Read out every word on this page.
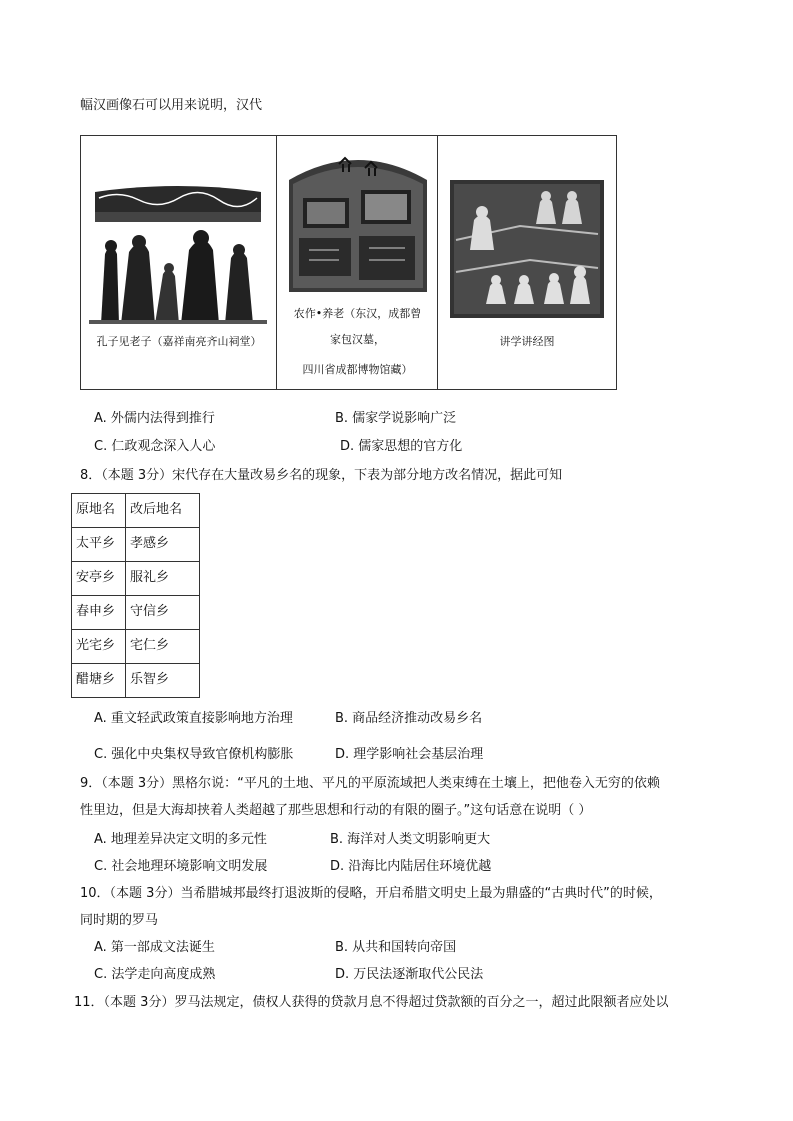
幅汉画像石可以用来说明，汉代
孔子见老子（嘉祥南亮齐山祠堂）
农作•养老（东汉，成都曾
家包汉墓，
四川省成都博物馆藏）
讲学讲经图
A. 外儒内法得到推行	B. 儒家学说影响广泛
C. 仁政观念深入人心	D. 儒家思想的官方化
8．（本题 3分）宋代存在大量改易乡名的现象，下表为部分地方改名情况，据此可知
原地名	改后地名
太平乡	孝感乡
安亭乡	服礼乡
春申乡	守信乡
光宅乡	宅仁乡
醋塘乡	乐智乡
A. 重文轻武政策直接影响地方治理	B. 商品经济推动改易乡名
C. 强化中央集权导致官僚机构膨胀	D. 理学影响社会基层治理
9．（本题 3分）黑格尔说：“平凡的土地、平凡的平原流域把人类束缚在土壤上，把他卷入无穷的依赖
性里边，但是大海却挟着人类超越了那些思想和行动的有限的圈子。”这句话意在说明（ ）
A. 地理差异决定文明的多元性	B. 海洋对人类文明影响更大
C. 社会地理环境影响文明发展	D. 沿海比内陆居住环境优越
10．（本题 3分）当希腊城邦最终打退波斯的侵略，开启希腊文明史上最为鼎盛的“古典时代”的时候，
同时期的罗马
A. 第一部成文法诞生	B. 从共和国转向帝国
C. 法学走向高度成熟	D. 万民法逐渐取代公民法
11．（本题 3分）罗马法规定，债权人获得的贷款月息不得超过贷款额的百分之一，超过此限额者应处以
